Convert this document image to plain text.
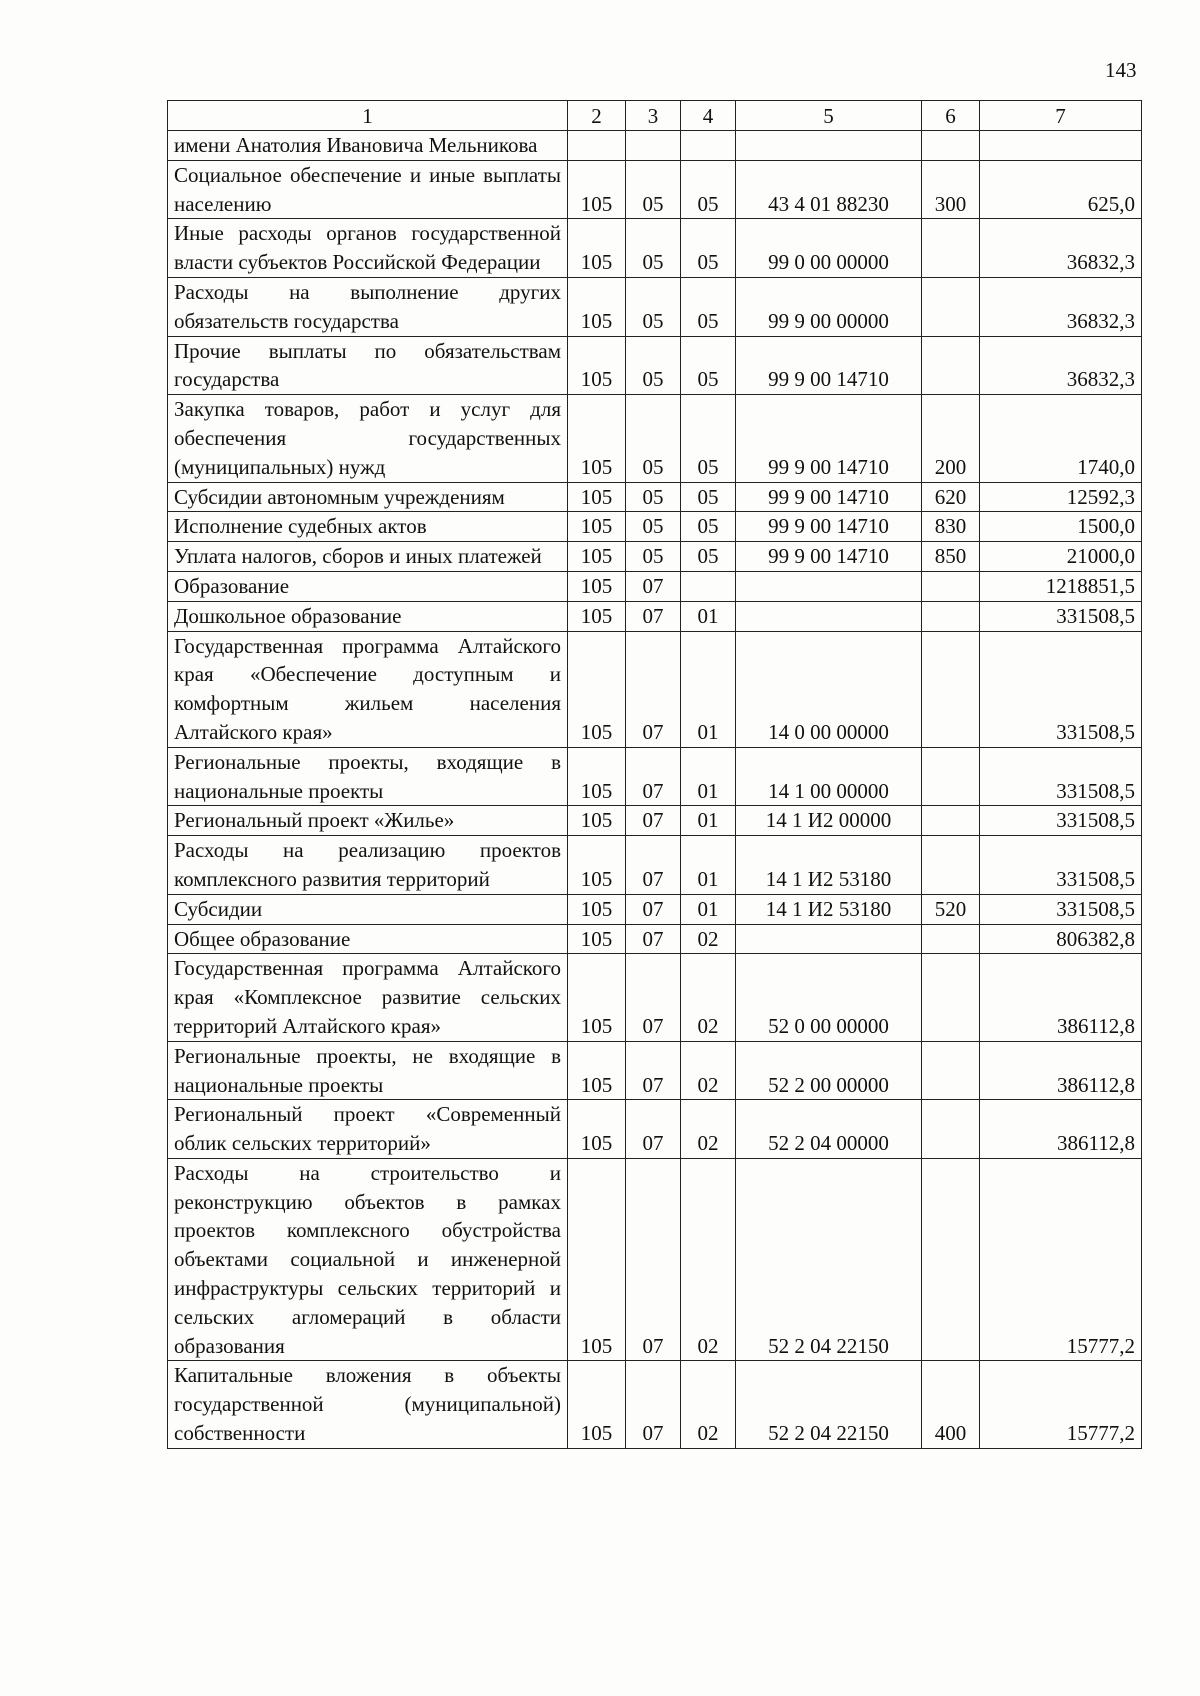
143
1	2	3	4	5	6	7
имени Анатолия Ивановича Мельникова						
Социальное обеспечение и иные выплаты населению	105	05	05	43 4 01 88230	300	625,0
Иные расходы органов государственной власти субъектов Российской Федерации	105	05	05	99 0 00 00000		36832,3
Расходы на выполнение других обязательств государства	105	05	05	99 9 00 00000		36832,3
Прочие выплаты по обязательствам государства	105	05	05	99 9 00 14710		36832,3
Закупка товаров, работ и услуг для обеспечения государственных (муниципальных) нужд	105	05	05	99 9 00 14710	200	1740,0
Субсидии автономным учреждениям	105	05	05	99 9 00 14710	620	12592,3
Исполнение судебных актов	105	05	05	99 9 00 14710	830	1500,0
Уплата налогов, сборов и иных платежей	105	05	05	99 9 00 14710	850	21000,0
Образование	105	07				1218851,5
Дошкольное образование	105	07	01			331508,5
Государственная программа Алтайского края «Обеспечение доступным и комфортным жильем населения Алтайского края»	105	07	01	14 0 00 00000		331508,5
Региональные проекты, входящие в национальные проекты	105	07	01	14 1 00 00000		331508,5
Региональный проект «Жилье»	105	07	01	14 1 И2 00000		331508,5
Расходы на реализацию проектов комплексного развития территорий	105	07	01	14 1 И2 53180		331508,5
Субсидии	105	07	01	14 1 И2 53180	520	331508,5
Общее образование	105	07	02			806382,8
Государственная программа Алтайского края «Комплексное развитие сельских территорий Алтайского края»	105	07	02	52 0 00 00000		386112,8
Региональные проекты, не входящие в национальные проекты	105	07	02	52 2 00 00000		386112,8
Региональный проект «Современный облик сельских территорий»	105	07	02	52 2 04 00000		386112,8
Расходы на строительство и реконструкцию объектов в рамках проектов комплексного обустройства объектами социальной и инженерной инфраструктуры сельских территорий и сельских агломераций в области образования	105	07	02	52 2 04 22150		15777,2
Капитальные вложения в объекты государственной (муниципальной) собственности	105	07	02	52 2 04 22150	400	15777,2
